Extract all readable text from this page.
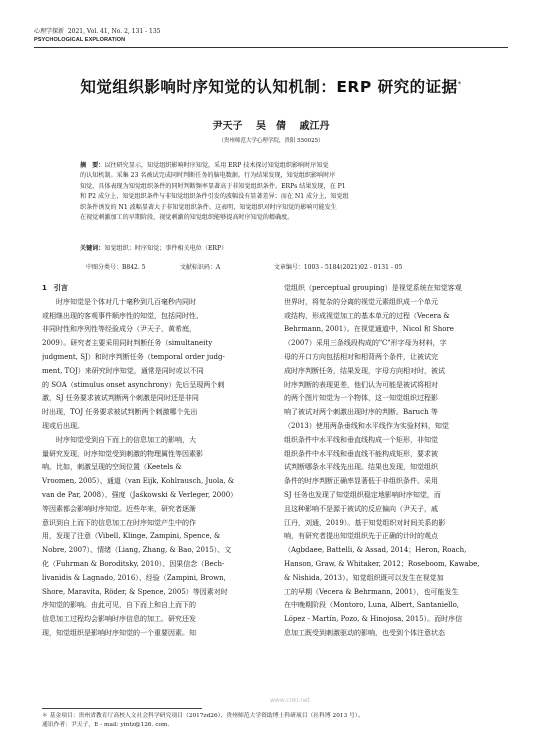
心理学探新 2021, Vol. 41, No. 2, 131 - 135
PSYCHOLOGICAL EXPLORATION
知觉组织影响时序知觉的认知机制：ERP 研究的证据*
尹天子 吴　倩 戚江丹
（贵州师范大学心理学院，贵阳 550025）
摘　要：以往研究显示，知觉组织影响时序知觉，采用 ERP 技术探讨知觉组织影响时序知觉
的认知机制。采集 23 名被试完成同时判断任务的脑电数据。行为结果发现，知觉组织影响时序
知觉，具体表现为知觉组织条件的同时判断频率显著高于非知觉组织条件。ERPs 结果发现，在 P1
和 P2 成分上，知觉组织条件与非知觉组织条件引发的波幅没有显著差异；而在 N1 成分上，知觉组
织条件诱发的 N1 波幅显著大于非知觉组织条件。这表明，知觉组织对时序知觉的影响可能发生
在视觉刺激加工的早期阶段，视觉刺激的知觉组织能够提高时序知觉的精确度。
关键词：知觉组织；时序知觉；事件相关电位（ERP）
中图分类号：B842. 5	文献标识码：A	文章编号：1003 - 5184(2021)02 - 0131 - 05
1　引言
　　时序知觉是个体对几十毫秒到几百毫秒内同时
或相继出现的客观事件顺序性的知觉，包括同时性、
非同时性和序列性等经验成分（尹天子，黄希庭，
2009）。研究者主要采用同时判断任务（simultaneity
judgment, SJ）和时序判断任务（temporal order judg-
ment, TOJ）来研究时序知觉，通常是同时或以不同
的 SOA（stimulus onset asynchrony）先后呈现两个刺
激，SJ 任务要求被试判断两个刺激是同时还是非同
时出现，TOJ 任务要求被试判断两个刺激哪个先出
现或后出现。
　　时序知觉受到自下而上的信息加工的影响，大
量研究发现，时序知觉受到刺激的物理属性等因素影
响。比如，刺激呈现的空间位置（Keetels &
Vroomen, 2005）、通道（van Eijk, Kohlrausch, Juola, &
van de Par, 2008）、强度（Jaśkowski & Verleger, 2000）
等因素都会影响时序知觉。近些年来，研究者逐渐
意识到自上而下的信息加工在时序知觉产生中的作
用，发现了注意（Vibell, Klinge, Zampini, Spence, &
Nobre, 2007）、情绪（Liang, Zhang, & Bao, 2015）、文
化（Fuhrman & Boroditsky, 2010）、因果信念（Bech-
livanidis & Lagnado, 2016）、经验（Zampini, Brown,
Shore, Maravita, Röder, & Spence, 2005）等因素对时
序知觉的影响。由此可见，自下而上和自上而下的
信息加工过程均会影响时序信息的加工。研究还发
现，知觉组织是影响时序知觉的一个重要因素。知
觉组织（perceptual grouping）是视觉系统在知觉客观
世界时，将复杂的分离的视觉元素组织成一个单元
或结构，形成视觉加工的基本单元的过程（Vecera &
Behrmann, 2001）。在视觉通道中，Nicol 和 Shore
（2007）采用三条线段构成的"C"形字母为材料，字
母的开口方向包括相对和相背两个条件，让被试完
成时序判断任务，结果发现，字母方向相对时，被试
时序判断的表现更差，他们认为可能是被试将相对
的两个图片知觉为一个物体，这一知觉组织过程影
响了被试对两个刺激出现时序的判断。Baruch 等
（2013）使用两条垂线和水平线作为实验材料，知觉
组织条件中水平线和垂直线构成一个矩形，非知觉
组织条件中水平线和垂直线不能构成矩形，要求被
试判断哪条水平线先出现。结果也发现，知觉组织
条件的时序判断正确率显著低于非组织条件。采用
SJ 任务也发现了知觉组织稳定地影响时序知觉，而
且这种影响不是源于被试的反应偏向（尹天子，戚
江丹，刘通，2019）。基于知觉组织对时间关系的影
响，有研究者提出知觉组织先于正确的计时的观点
（Agbdaee, Battelli, & Assad, 2014；Heron, Roach,
Hanson, Graw, & Whitaker, 2012；Roseboom, Kawabe,
& Nishida, 2013）。知觉组织既可以发生在视觉加
工的早期（Vecera & Behrmann, 2001），也可能发生
在中晚期阶段（Montoro, Luna, Albert, Santaniello,
López - Martín, Pozo, & Hinojosa, 2015）。而时序信
息加工既受到刺激驱动的影响，也受到个体注意状态
www.cnki.net
＊ 基金项目：贵州省教育厅高校人文社会科学研究项目（2017zd26）、贵州师范大学资助博士科研项目（社科博 2013 号）。
通讯作者：尹天子，E - mail: yintz@126. com.
